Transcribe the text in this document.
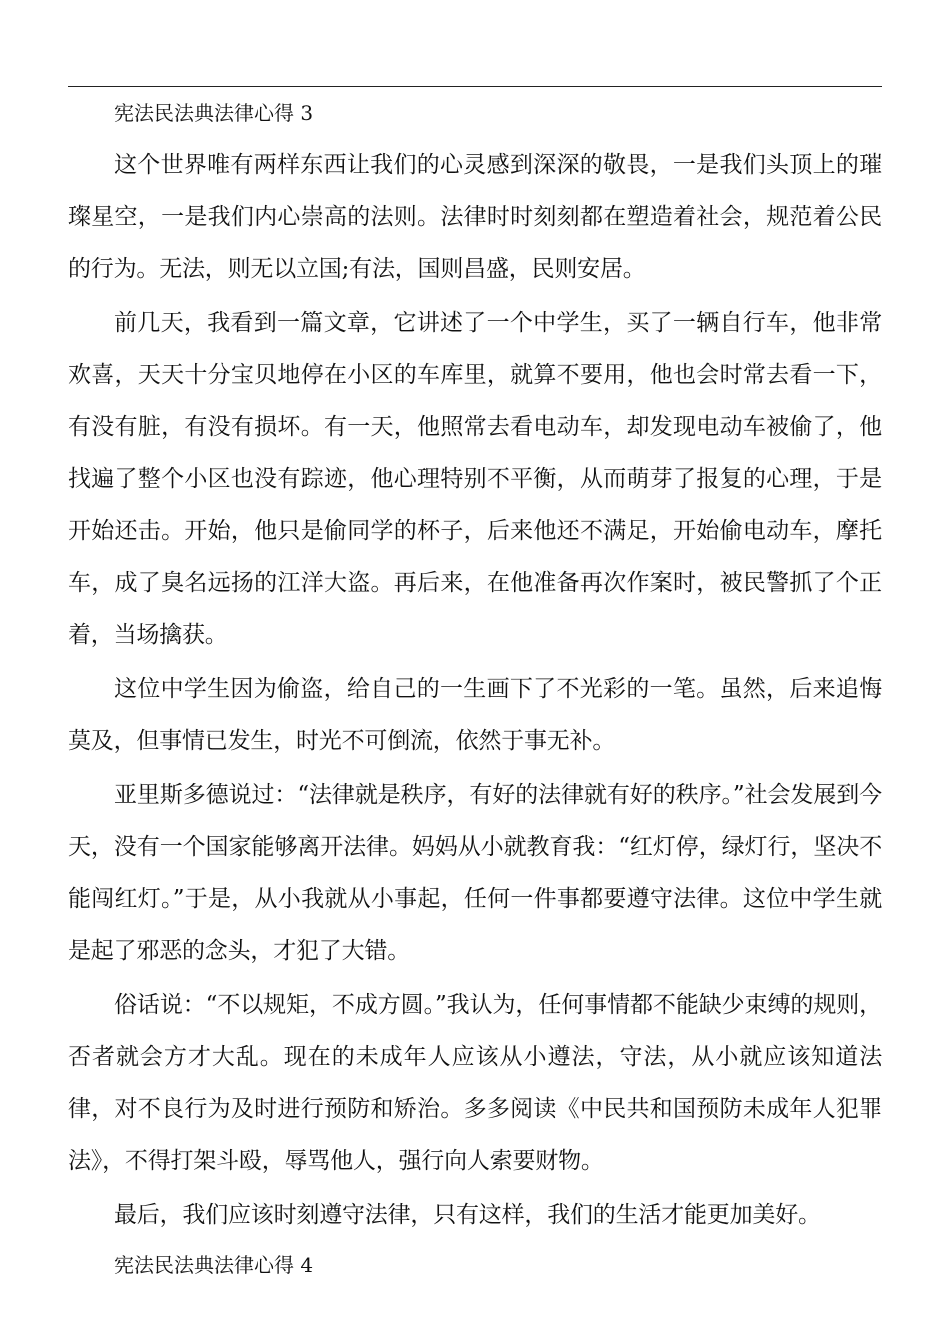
宪法民法典法律心得 3

这个世界唯有两样东西让我们的心灵感到深深的敬畏，一是我们头顶上的璀璨星空，一是我们内心崇高的法则。法律时时刻刻都在塑造着社会，规范着公民的行为。无法，则无以立国;有法，国则昌盛，民则安居。

前几天，我看到一篇文章，它讲述了一个中学生，买了一辆自行车，他非常欢喜，天天十分宝贝地停在小区的车库里，就算不要用，他也会时常去看一下，有没有脏，有没有损坏。有一天，他照常去看电动车，却发现电动车被偷了，他找遍了整个小区也没有踪迹，他心理特别不平衡，从而萌芽了报复的心理，于是开始还击。开始，他只是偷同学的杯子，后来他还不满足，开始偷电动车，摩托车，成了臭名远扬的江洋大盗。再后来，在他准备再次作案时，被民警抓了个正着，当场擒获。

这位中学生因为偷盗，给自己的一生画下了不光彩的一笔。虽然，后来追悔莫及，但事情已发生，时光不可倒流，依然于事无补。

亚里斯多德说过：“法律就是秩序，有好的法律就有好的秩序。”社会发展到今天，没有一个国家能够离开法律。妈妈从小就教育我：“红灯停，绿灯行，坚决不能闯红灯。”于是，从小我就从小事起，任何一件事都要遵守法律。这位中学生就是起了邪恶的念头，才犯了大错。

俗话说：“不以规矩，不成方圆。”我认为，任何事情都不能缺少束缚的规则，否者就会方才大乱。现在的未成年人应该从小遵法，守法，从小就应该知道法律，对不良行为及时进行预防和矫治。多多阅读《中民共和国预防未成年人犯罪法》，不得打架斗殴，辱骂他人，强行向人索要财物。

最后，我们应该时刻遵守法律，只有这样，我们的生活才能更加美好。

宪法民法典法律心得 4
